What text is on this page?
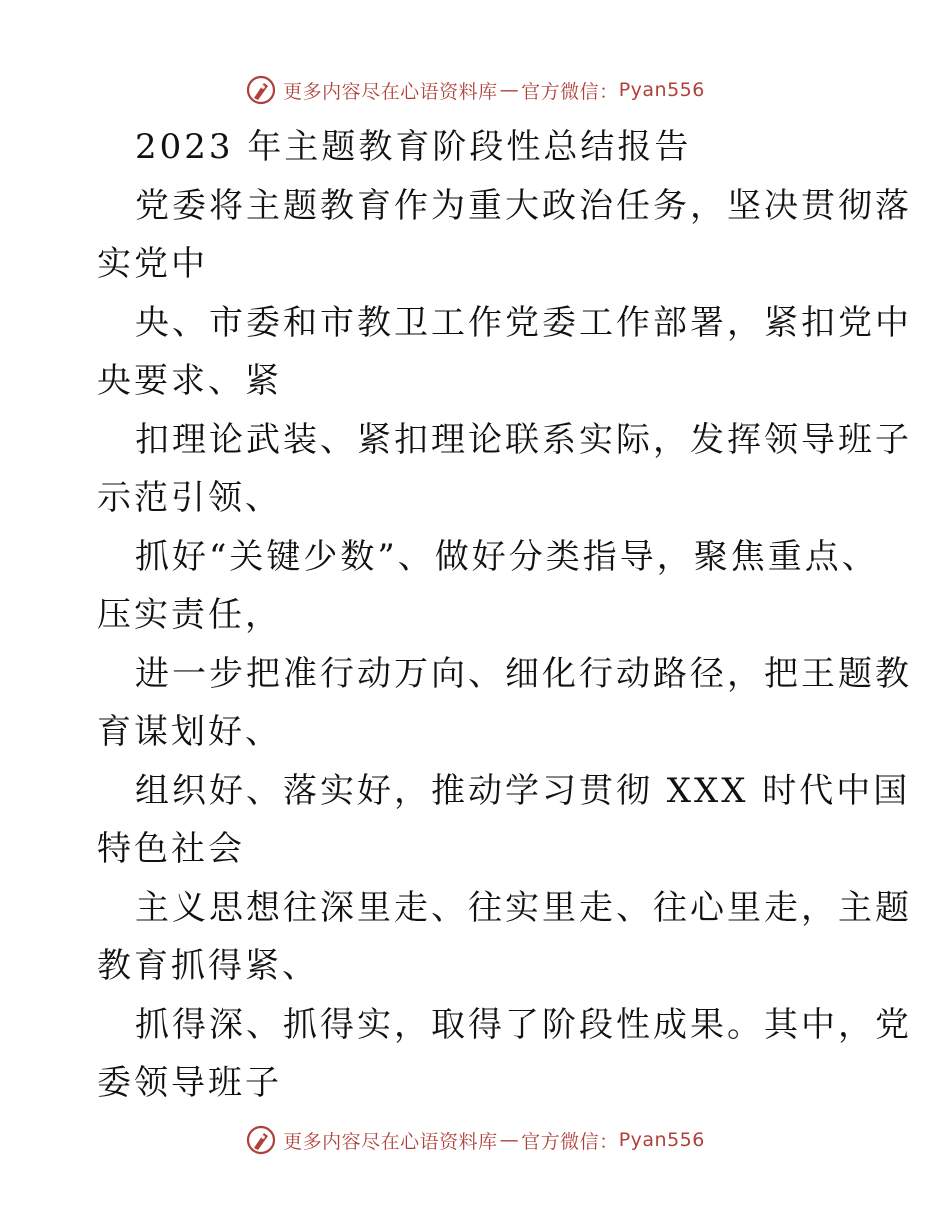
更多内容尽在心语资料库 — 官方微信： Pyan556
2023 年主题教育阶段性总结报告
党委将主题教育作为重大政治任务，坚决贯彻落
实党中
央、市委和市教卫工作党委工作部署，紧扣党中
央要求、紧
扣理论武装、紧扣理论联系实际，发挥领导班子
示范引领、
抓好“关键少数”、做好分类指导，聚焦重点、
压实责任，
进一步把准行动万向、细化行动路径，把王题教
育谋划好、
组织好、落实好，推动学习贯彻 XXX 时代中国
特色社会
主义思想往深里走、往实里走、往心里走，主题
教育抓得紧、
抓得深、抓得实，取得了阶段性成果。其中，党
委领导班子
更多内容尽在心语资料库 — 官方微信： Pyan556
